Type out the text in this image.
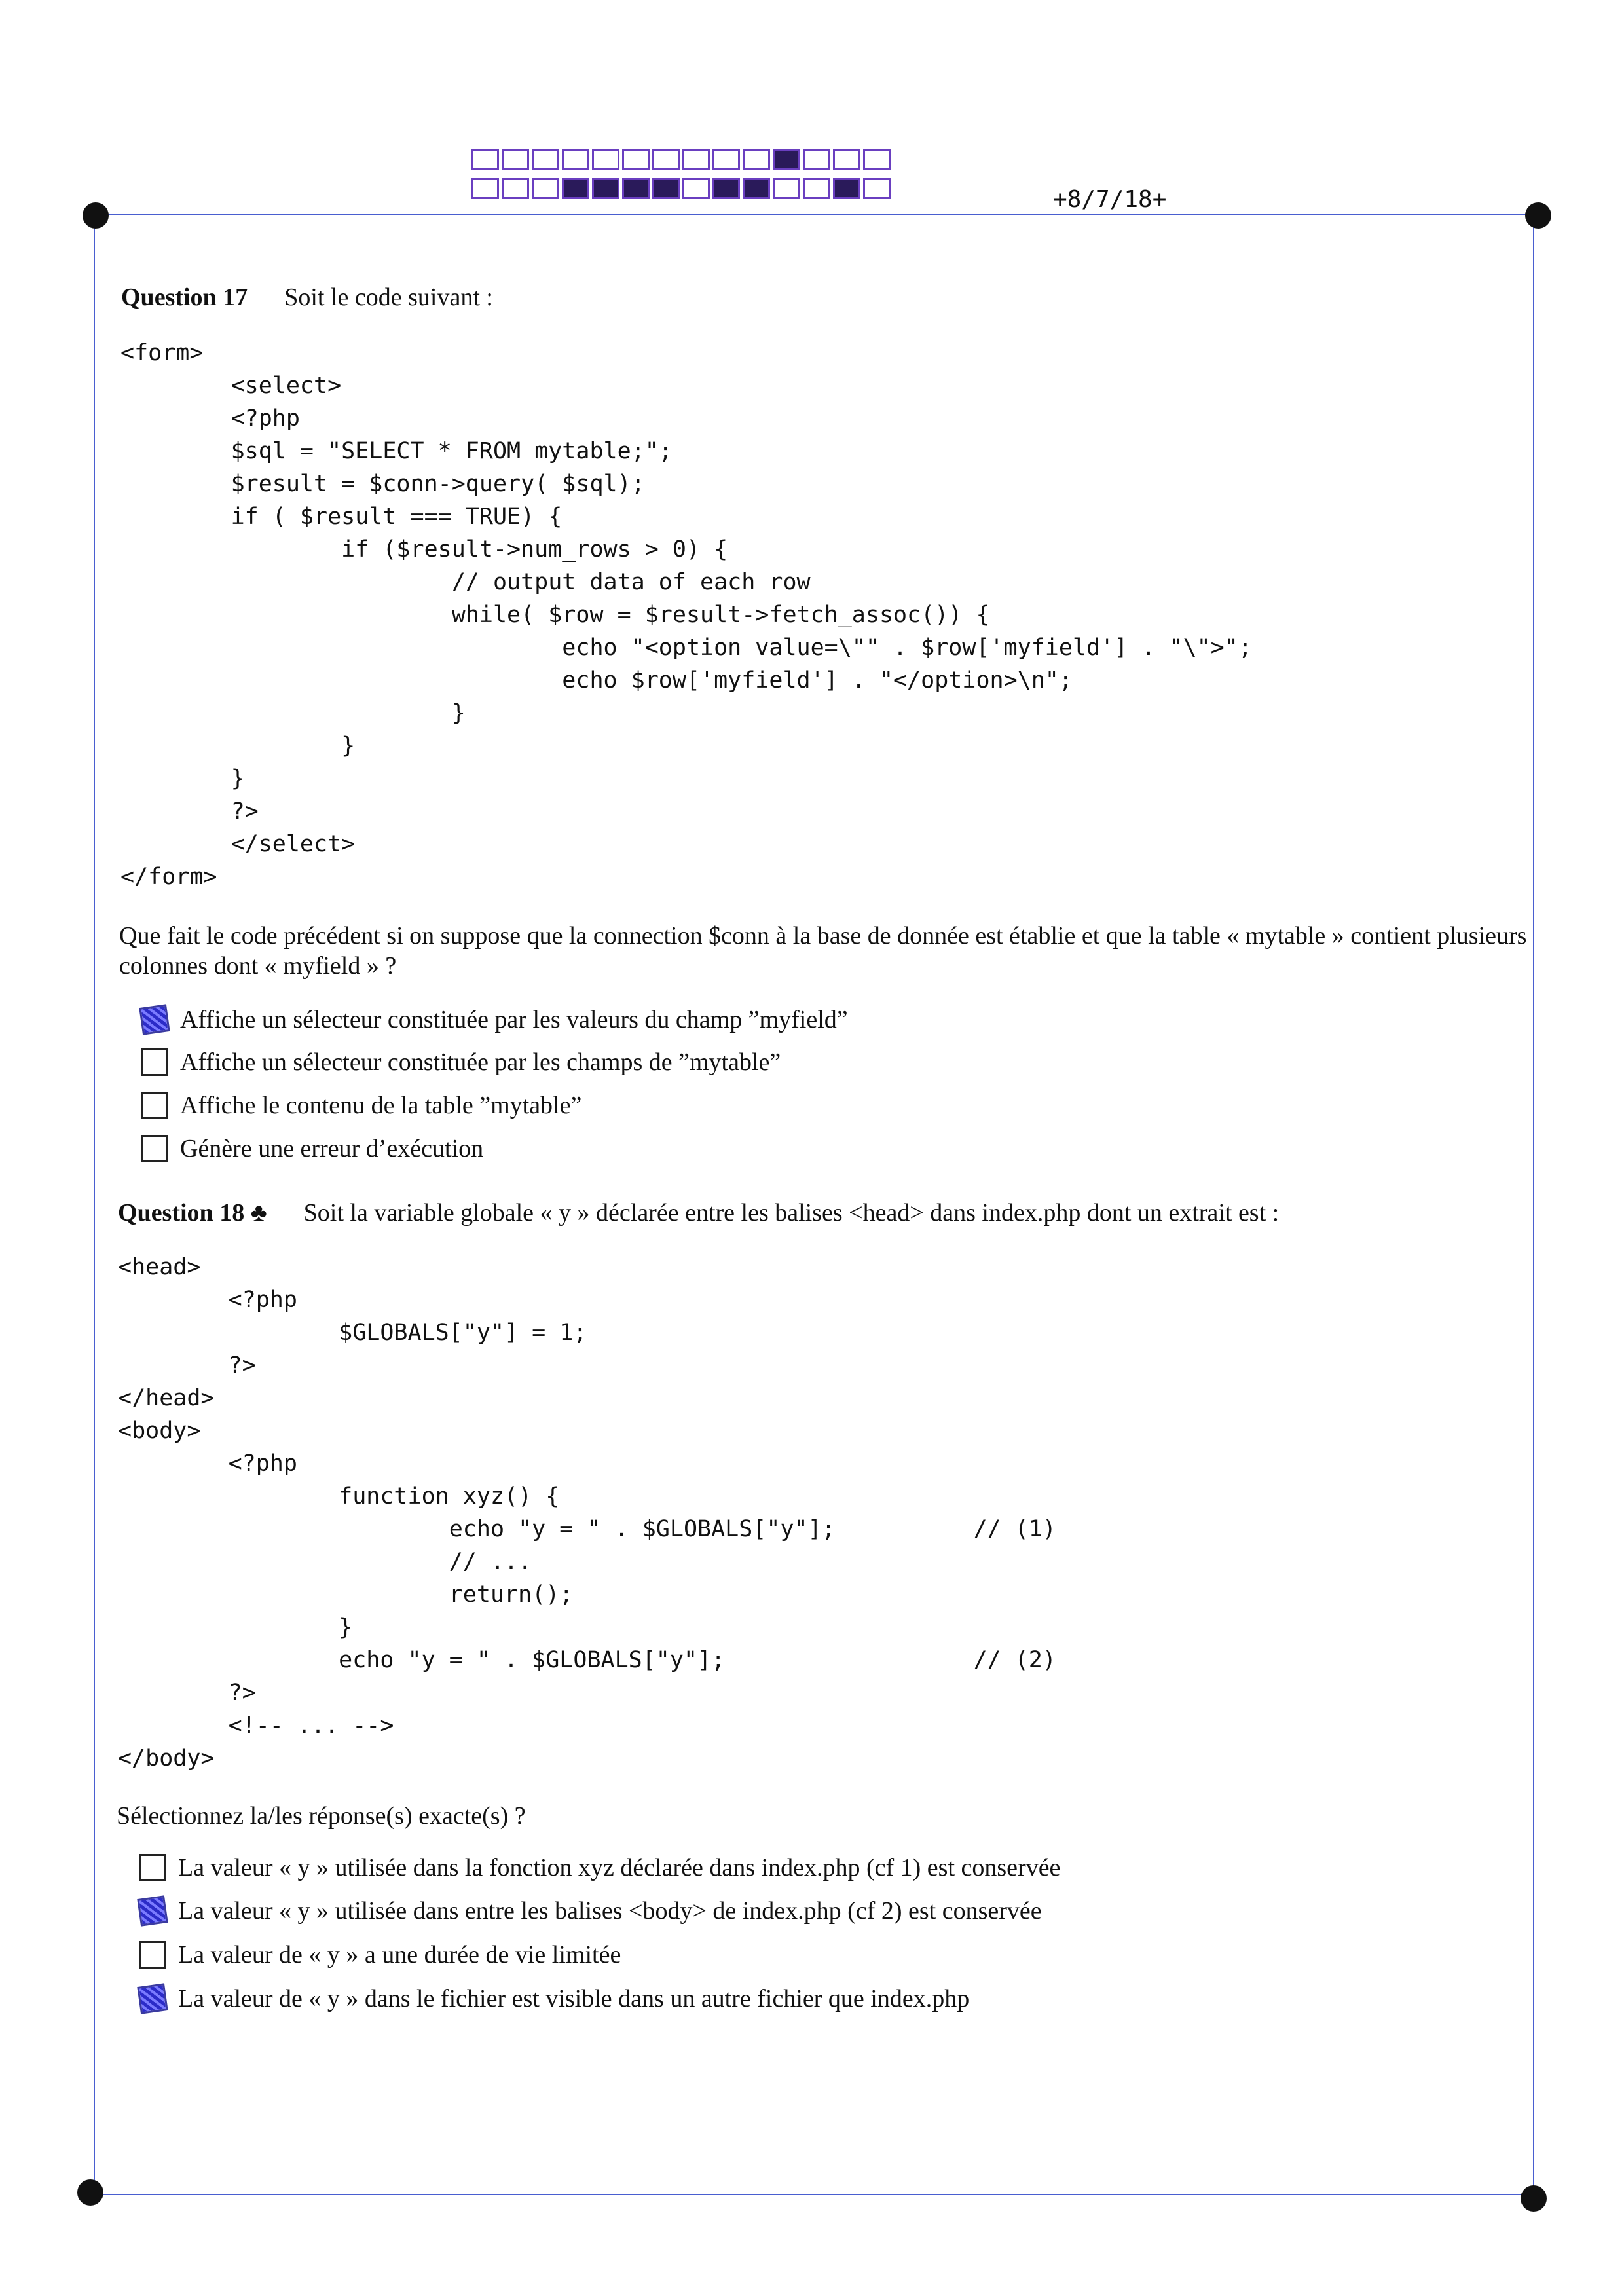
+8/7/18+
Question 17 Soit le code suivant :
<form>
<select>
<?php
$sql = "SELECT * FROM mytable;";
$result = $conn->query( $sql);
if ( $result === TRUE) {
if ($result->num_rows > 0) {
// output data of each row
while( $row = $result->fetch_assoc()) {
echo "<option value=\"" . $row['myfield'] . "\">";
echo $row['myfield'] . "</option>\n";
}
}
}
?>
</select>
</form>
Que fait le code précédent si on suppose que la connection $conn à la base de donnée est établie et que la table « mytable » contient plusieurs colonnes dont « myfield » ?
Affiche un sélecteur constituée par les valeurs du champ ”myfield”
Affiche un sélecteur constituée par les champs de ”mytable”
Affiche le contenu de la table ”mytable”
Génère une erreur d’exécution
Question 18 ♣ Soit la variable globale « y » déclarée entre les balises <head> dans index.php dont un extrait est :
<head>
<?php
$GLOBALS["y"] = 1;
?>
</head>
<body>
<?php
function xyz() {
echo "y = " . $GLOBALS["y"];          // (1)
// ...
return();
}
echo "y = " . $GLOBALS["y"];                  // (2)
?>
<!-- ... -->
</body>
Sélectionnez la/les réponse(s) exacte(s) ?
La valeur « y » utilisée dans la fonction xyz déclarée dans index.php (cf 1) est conservée
La valeur « y » utilisée dans entre les balises <body> de index.php (cf 2) est conservée
La valeur de « y » a une durée de vie limitée
La valeur de « y » dans le fichier est visible dans un autre fichier que index.php
